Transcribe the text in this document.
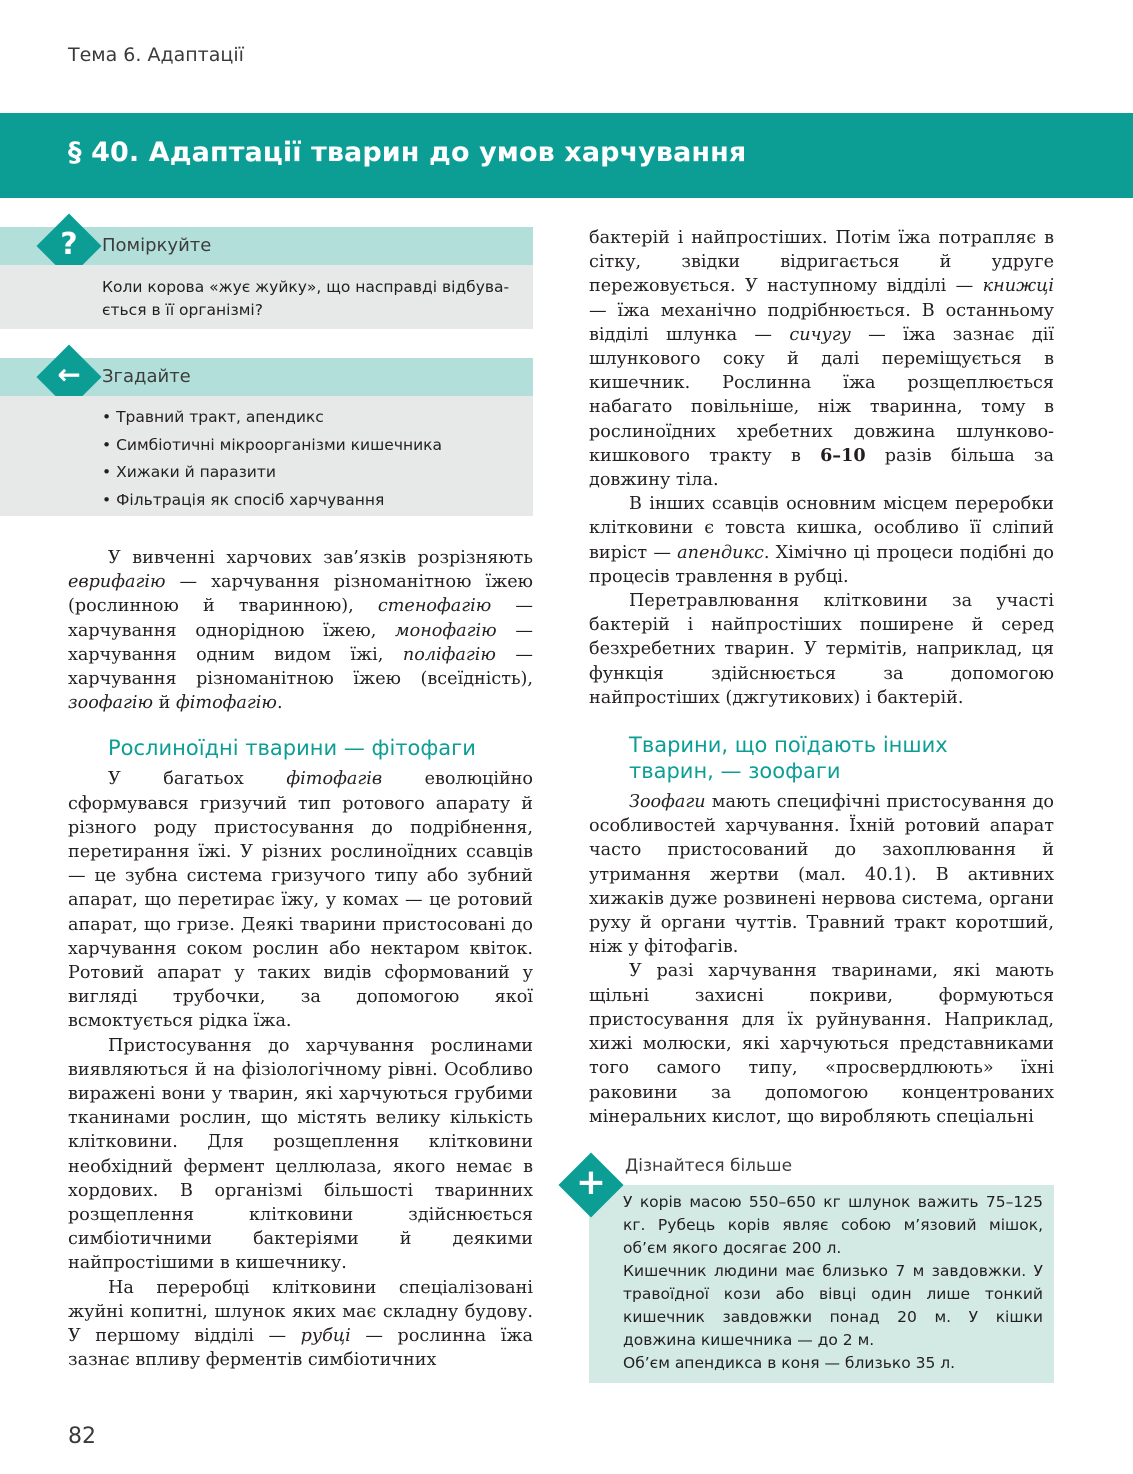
Тема 6. Адаптації
§ 40. Адаптації тварин до умов харчування
Поміркуйте
?

Коли корова «жує жуйку», що насправді відбувається в її організмі?

Згадайте
←
• Травний тракт, апендикс
• Симбіотичні мікроорганізми кишечника
• Хижаки й паразити
• Фільтрація як спосіб харчування

У вивченні харчових зав’язків розрізняють еврифагію — харчування різноманітною їжею (рослинною й тваринною), стенофагію — харчування однорідною їжею, монофагію — харчування одним видом їжі, поліфагію — харчування різноманітною їжею (всеїдність), зоофагію й фітофагію.

Рослиноїдні тварини — фітофаги

У багатьох фітофагів еволюційно сформувався гризучий тип ротового апарату й різного роду пристосування до подрібнення, перетирання їжі. У різних рослиноїдних ссавців — це зубна система гризучого типу або зубний апарат, що перетирає їжу, у комах — це ротовий апарат, що гризе. Деякі тварини пристосовані до харчування соком рослин або нектаром квіток. Ротовий апарат у таких видів сформований у вигляді трубочки, за допомогою якої всмоктується рідка їжа.

Пристосування до харчування рослинами виявляються й на фізіологічному рівні. Особливо виражені вони у тварин, які харчуються грубими тканинами рослин, що містять велику кількість клітковини. Для розщеплення клітковини необхідний фермент целлюлаза, якого немає в хордових. В організмі більшості тваринних розщеплення клітковини здійснюється симбіотичними бактеріями й деякими найпростішими в кишечнику.

На переробці клітковини спеціалізовані жуйні копитні, шлунок яких має складну будову. У першому відділі — рубці — рослинна їжа зазнає впливу ферментів симбіотичних

бактерій і найпростіших. Потім їжа потрапляє в сітку, звідки відригається й удруге пережовується. У наступному відділі — книжці — їжа механічно подрібнюється. В останньому відділі шлунка — сичугу — їжа зазнає дії шлункового соку й далі переміщується в кишечник. Рослинна їжа розщеплюється набагато повільніше, ніж тваринна, тому в рослиноїдних хребетних довжина шлунково-кишкового тракту в 6–10 разів більша за довжину тіла.

В інших ссавців основним місцем переробки клітковини є товста кишка, особливо її сліпий виріст — апендикс. Хімічно ці процеси подібні до процесів травлення в рубці.

Перетравлювання клітковини за участі бактерій і найпростіших поширене й серед безхребетних тварин. У термітів, наприклад, ця функція здійснюється за допомогою найпростіших (джгутикових) і бактерій.

Тварини, що поїдають інших
тварин, — зоофаги

Зоофаги мають специфічні пристосування до особливостей харчування. Їхній ротовий апарат часто пристосований до захоплювання й утримання жертви (мал. 40.1). В активних хижаків дуже розвинені нервова система, органи руху й органи чуттів. Травний тракт коротший, ніж у фітофагів.

У разі харчування тваринами, які мають щільні захисні покриви, формуються пристосування для їх руйнування. Наприклад, хижі молюски, які харчуються представниками того самого типу, «просвердлюють» їхні раковини за допомогою концентрованих мінеральних кислот, що виробляють спеціальні

Дізнайтеся більше

У корів масою 550–650 кг шлунок важить 75–125 кг. Рубець корів являє собою м’язовий мішок, об’єм якого досягає 200 л.

Кишечник людини має близько 7 м завдовжки. У травоїдної кози або вівці один лише тонкий кишечник завдовжки понад 20 м. У кішки довжина кишечника — до 2 м.

Об’єм апендикса в коня — близько 35 л.

+
82
